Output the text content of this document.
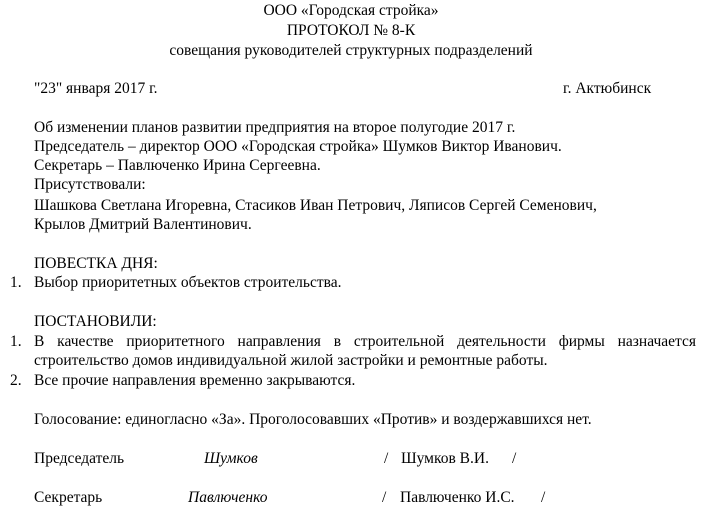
ООО «Городская стройка»
ПРОТОКОЛ № 8-К
совещания руководителей структурных подразделений
"23" января 2017 г.	г. Актюбинск
Об изменении планов развитии предприятия на второе полугодие 2017 г.
Председатель – директор ООО «Городская стройка» Шумков Виктор Иванович.
Секретарь – Павлюченко Ирина Сергеевна.
Присутствовали:
Шашкова Светлана Игоревна, Стасиков Иван Петрович, Ляписов Сергей Семенович,
Крылов Дмитрий Валентинович.
ПОВЕСТКА ДНЯ:
1. Выбор приоритетных объектов строительства.
ПОСТАНОВИЛИ:
1. В качестве приоритетного направления в строительной деятельности фирмы назначается
строительство домов индивидуальной жилой застройки и ремонтные работы.
2. Все прочие направления временно закрываются.
Голосование: единогласно «За». Проголосовавших «Против» и воздержавшихся нет.
Председатель	Шумков	/ Шумков В.И. /
Секретарь	Павлюченко	/ Павлюченко И.С. /
